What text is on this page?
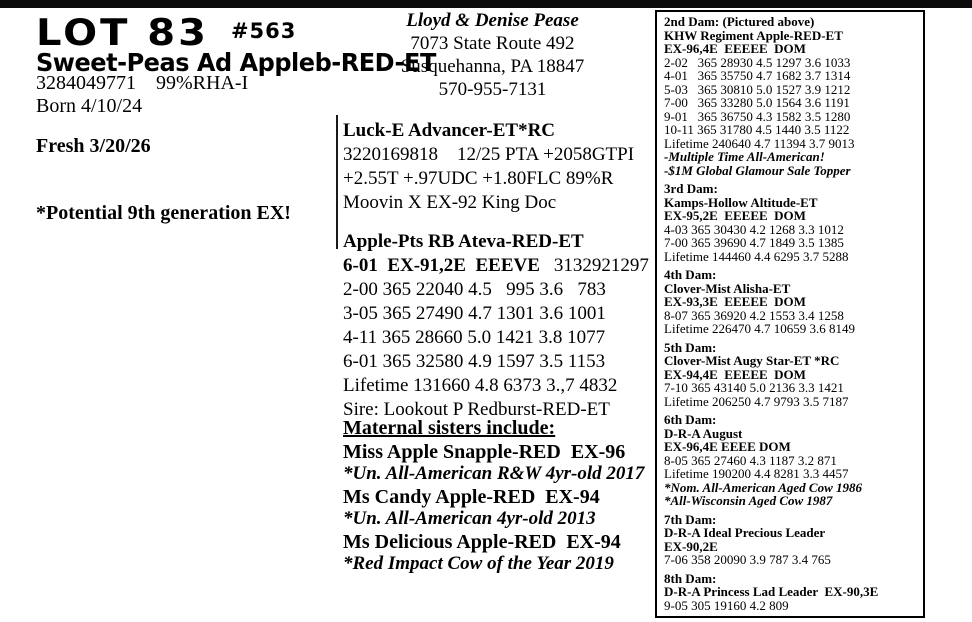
LOT 83 #563
Sweet-Peas Ad Appleb-RED-ET
3284049771    99%RHA-I
Born 4/10/24
Fresh 3/20/26
*Potential 9th generation EX!
Lloyd & Denise Pease
7073 State Route 492
Susquehanna, PA 18847
570-955-7131
Luck-E Advancer-ET*RC
3220169818    12/25 PTA +2058GTPI
+2.55T +.97UDC +1.80FLC 89%R
Moovin X EX-92 King Doc
Apple-Pts RB Ateva-RED-ET
6-01  EX-91,2E  EEEVE 3132921297
2-00 365 22040 4.5   995 3.6   783
3-05 365 27490 4.7 1301 3.6 1001
4-11 365 28660 5.0 1421 3.8 1077
6-01 365 32580 4.9 1597 3.5 1153
Lifetime 131660 4.8 6373 3.,7 4832
Sire: Lookout P Redburst-RED-ET
Maternal sisters include:
Miss Apple Snapple-RED  EX-96
*Un. All-American R&W 4yr-old 2017
Ms Candy Apple-RED  EX-94
*Un. All-American 4yr-old 2013
Ms Delicious Apple-RED  EX-94
*Red Impact Cow of the Year 2019
2nd Dam: (Pictured above)
KHW Regiment Apple-RED-ET
EX-96,4E  EEEEE  DOM
2-02   365 28930 4.5 1297 3.6 1033
4-01   365 35750 4.7 1682 3.7 1314
5-03   365 30810 5.0 1527 3.9 1212
7-00   365 33280 5.0 1564 3.6 1191
9-01   365 36750 4.3 1582 3.5 1280
10-11 365 31780 4.5 1440 3.5 1122
Lifetime 240640 4.7 11394 3.7 9013
-Multiple Time All-American!
-$1M Global Glamour Sale Topper
3rd Dam:
Kamps-Hollow Altitude-ET
EX-95,2E  EEEEE  DOM
4-03 365 30430 4.2 1268 3.3 1012
7-00 365 39690 4.7 1849 3.5 1385
Lifetime 144460 4.4 6295 3.7 5288
4th Dam:
Clover-Mist Alisha-ET
EX-93,3E  EEEEE  DOM
8-07 365 36920 4.2 1553 3.4 1258
Lifetime 226470 4.7 10659 3.6 8149
5th Dam:
Clover-Mist Augy Star-ET *RC
EX-94,4E  EEEEE  DOM
7-10 365 43140 5.0 2136 3.3 1421
Lifetime 206250 4.7 9793 3.5 7187
6th Dam:
D-R-A August
EX-96,4E EEEE DOM
8-05 365 27460 4.3 1187 3.2 871
Lifetime 190200 4.4 8281 3.3 4457
*Nom. All-American Aged Cow 1986
*All-Wisconsin Aged Cow 1987
7th Dam:
D-R-A Ideal Precious Leader
EX-90,2E
7-06 358 20090 3.9 787 3.4 765
8th Dam:
D-R-A Princess Lad Leader  EX-90,3E
9-05 305 19160 4.2 809
